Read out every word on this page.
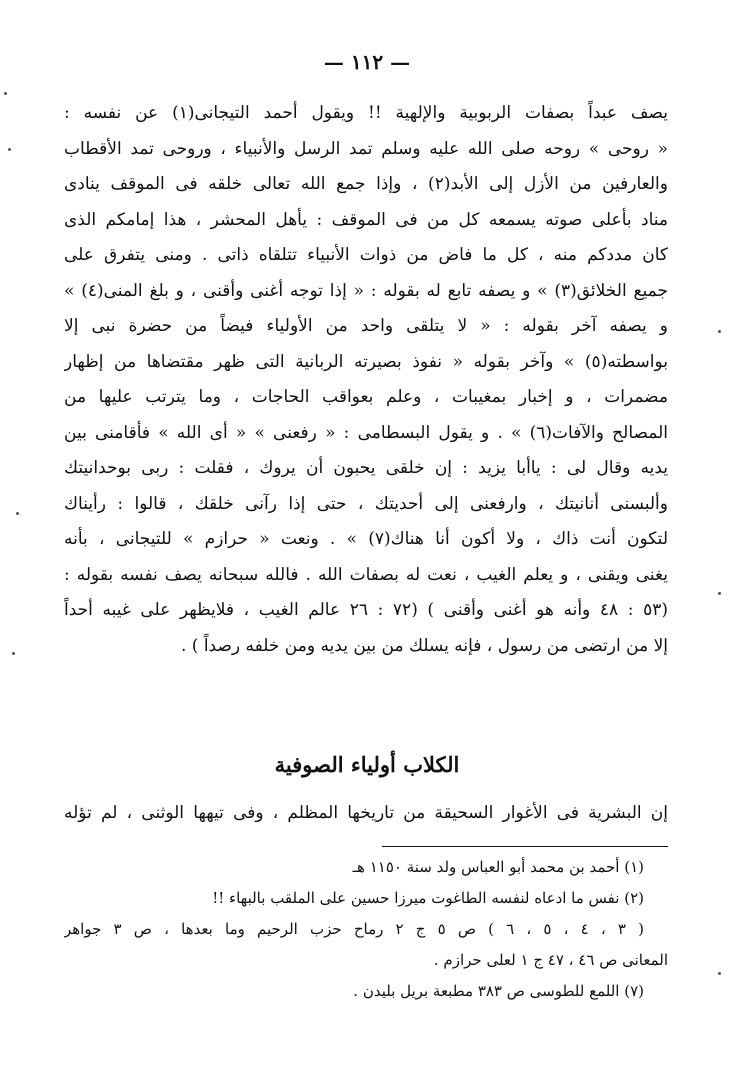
— ١١٢ —
يصف عبداً بصفات الربوبية والإلهية !! ويقول أحمد التيجانى(١) عن نفسه :
« روحى » روحه صلى الله عليه وسلم تمد الرسل والأنبياء ، وروحى تمد الأقطاب
والعارفين من الأزل إلى الأبد(٢) ، وإذا جمع الله تعالى خلقه فى الموقف ينادى
مناد بأعلى صوته يسمعه كل من فى الموقف : يأهل المحشر ، هذا إمامكم الذى
كان مددكم منه ، كل ما فاض من ذوات الأنبياء تتلقاه ذاتى . ومنى يتفرق على
جميع الخلائق(٣) » و يصفه تابع له بقوله : « إذا توجه أغنى وأقنى ، و بلغ المنى(٤) »
و يصفه آخر بقوله : « لا يتلقى واحد من الأولياء فيضاً من حضرة نبى إلا
بواسطته(٥) » وآخر بقوله « نفوذ بصيرته الربانية التى ظهر مقتضاها من إظهار
مضمرات ، و إخبار بمغيبات ، وعلم بعواقب الحاجات ، وما يترتب عليها من
المصالح والآفات(٦) » . و يقول البسطامى : « رفعنى » « أى الله » فأقامنى بين
يديه وقال لى : ياأبا يزيد : إن خلقى يحبون أن يروك ، فقلت : ربى بوحدانيتك
وألبسنى أنانيتك ، وارفعنى إلى أحديتك ، حتى إذا رآنى خلقك ، قالوا : رأيناك
لتكون أنت ذاك ، ولا أكون أنا هناك(٧) » . ونعت « حرازم » للتيجانى ، بأنه
يغنى ويقنى ، و يعلم الغيب ، نعت له بصفات الله . فالله سبحانه يصف نفسه بقوله :
(٥٣ : ٤٨ وأنه هو أغنى وأقنى ) (٧٢ : ٢٦ عالم الغيب ، فلايظهر على غيبه أحداً
إلا من ارتضى من رسول ، فإنه يسلك من بين يديه ومن خلفه رصداً ) .
الكلاب أولياء الصوفية
إن البشرية فى الأغوار السحيقة من تاريخها المظلم ، وفى تيهها الوثنى ، لم تؤله
(١) أحمد بن محمد أبو العباس ولد سنة ١١٥٠ هـ
(٢) نفس ما ادعاه لنفسه الطاغوت ميرزا حسين على الملقب بالبهاء !!
( ٣ ، ٤ ، ٥ ، ٦ ) ص ٥ ج ٢ رماح حزب الرحيم وما بعدها ، ص ٣ جواهر
المعانى ص ٤٦ ، ٤٧ ج ١ لعلى حرازم .
(٧) اللمع للطوسى ص ٣٨٣ مطبعة بريل بليدن .
